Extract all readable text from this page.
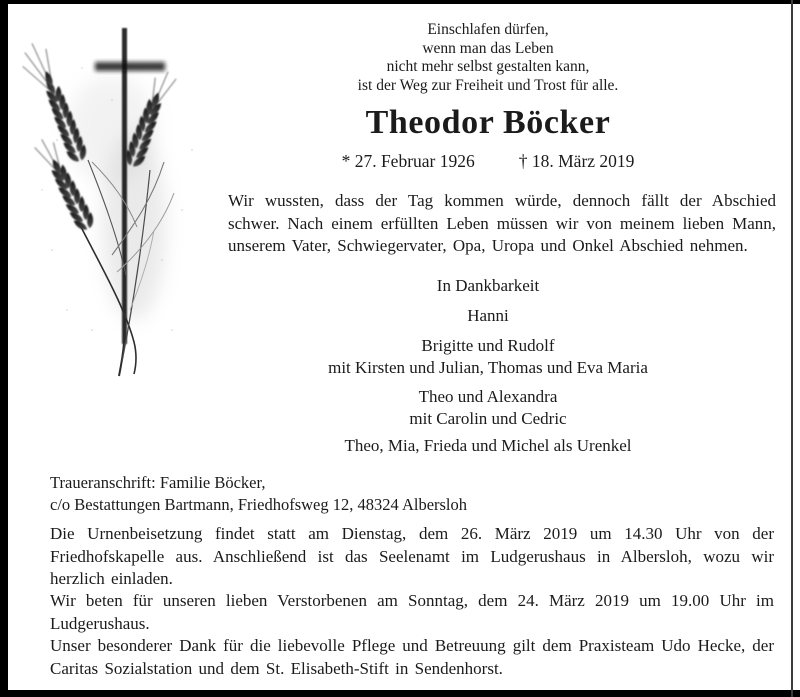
Einschlafen dürfen,
wenn man das Leben
nicht mehr selbst gestalten kann,
ist der Weg zur Freiheit und Trost für alle.
Theodor Böcker
* 27. Februar 1926	† 18. März 2019

Wir wussten, dass der Tag kommen würde, dennoch fällt der Abschied schwer. Nach einem erfüllten Leben müssen wir von meinem lieben Mann, unserem Vater, Schwiegervater, Opa, Uropa und Onkel Abschied nehmen.

In Dankbarkeit
Hanni
Brigitte und Rudolf
mit Kirsten und Julian, Thomas und Eva Maria
Theo und Alexandra
mit Carolin und Cedric
Theo, Mia, Frieda und Michel als Urenkel
Traueranschrift: Familie Böcker,
c/o Bestattungen Bartmann, Friedhofsweg 12, 48324 Albersloh

Die Urnenbeisetzung findet statt am Dienstag, dem 26. März 2019 um 14.30 Uhr von der Friedhofskapelle aus. Anschließend ist das Seelenamt im Ludgerushaus in Albersloh, wozu wir herzlich einladen.

Wir beten für unseren lieben Verstorbenen am Sonntag, dem 24. März 2019 um 19.00 Uhr im Ludgerushaus.

Unser besonderer Dank für die liebevolle Pflege und Betreuung gilt dem Praxisteam Udo Hecke, der Caritas Sozialstation und dem St. Elisabeth-Stift in Sendenhorst.
